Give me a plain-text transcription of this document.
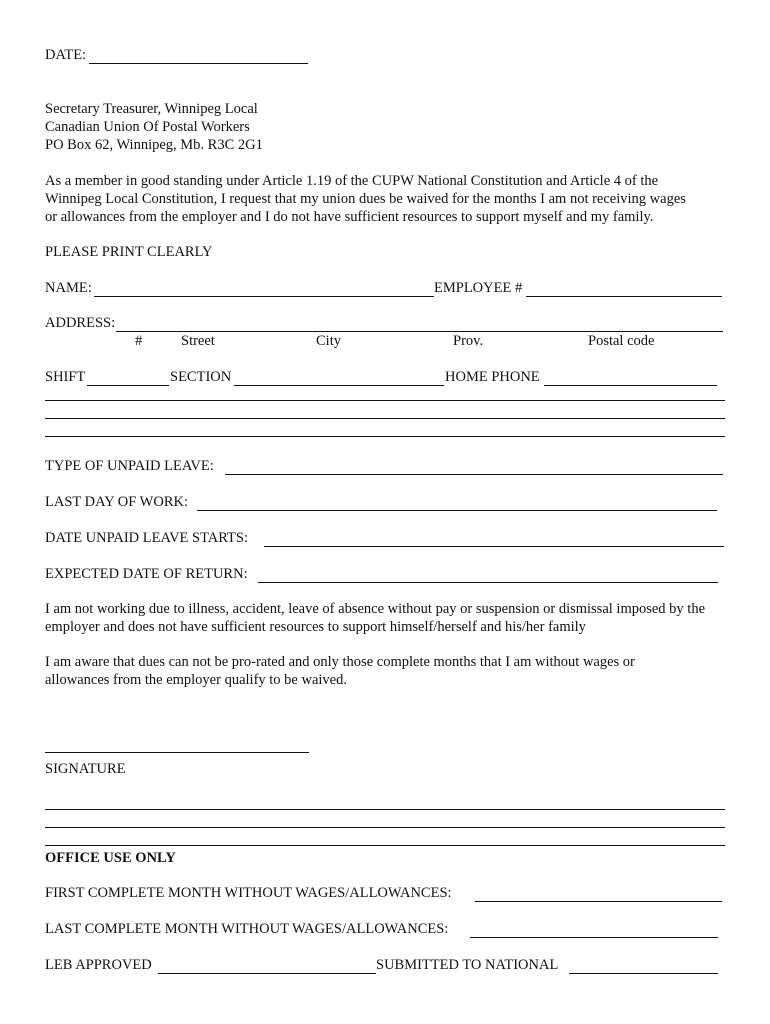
DATE:
Secretary Treasurer, Winnipeg Local
Canadian Union Of Postal Workers
PO Box 62, Winnipeg, Mb. R3C 2G1
As a member in good standing under Article 1.19 of the CUPW National Constitution and Article 4 of the
Winnipeg Local Constitution, I request that my union dues be waived for the months I am not receiving wages
or allowances from the employer and I do not have sufficient resources to support myself and my family.
PLEASE PRINT CLEARLY
NAME:	EMPLOYEE #
ADDRESS:
#	Street	City	Prov.	Postal code
SHIFT	SECTION	HOME PHONE
TYPE OF UNPAID LEAVE:
LAST DAY OF WORK:
DATE UNPAID LEAVE STARTS:
EXPECTED DATE OF RETURN:
I am not working due to illness, accident, leave of absence without pay or suspension or dismissal imposed by the
employer and does not have sufficient resources to support himself/herself and his/her family
I am aware that dues can not be pro-rated and only those complete months that I am without wages or
allowances from the employer qualify to be waived.
SIGNATURE
OFFICE USE ONLY
FIRST COMPLETE MONTH WITHOUT WAGES/ALLOWANCES:
LAST COMPLETE MONTH WITHOUT WAGES/ALLOWANCES:
LEB APPROVED	SUBMITTED TO NATIONAL
